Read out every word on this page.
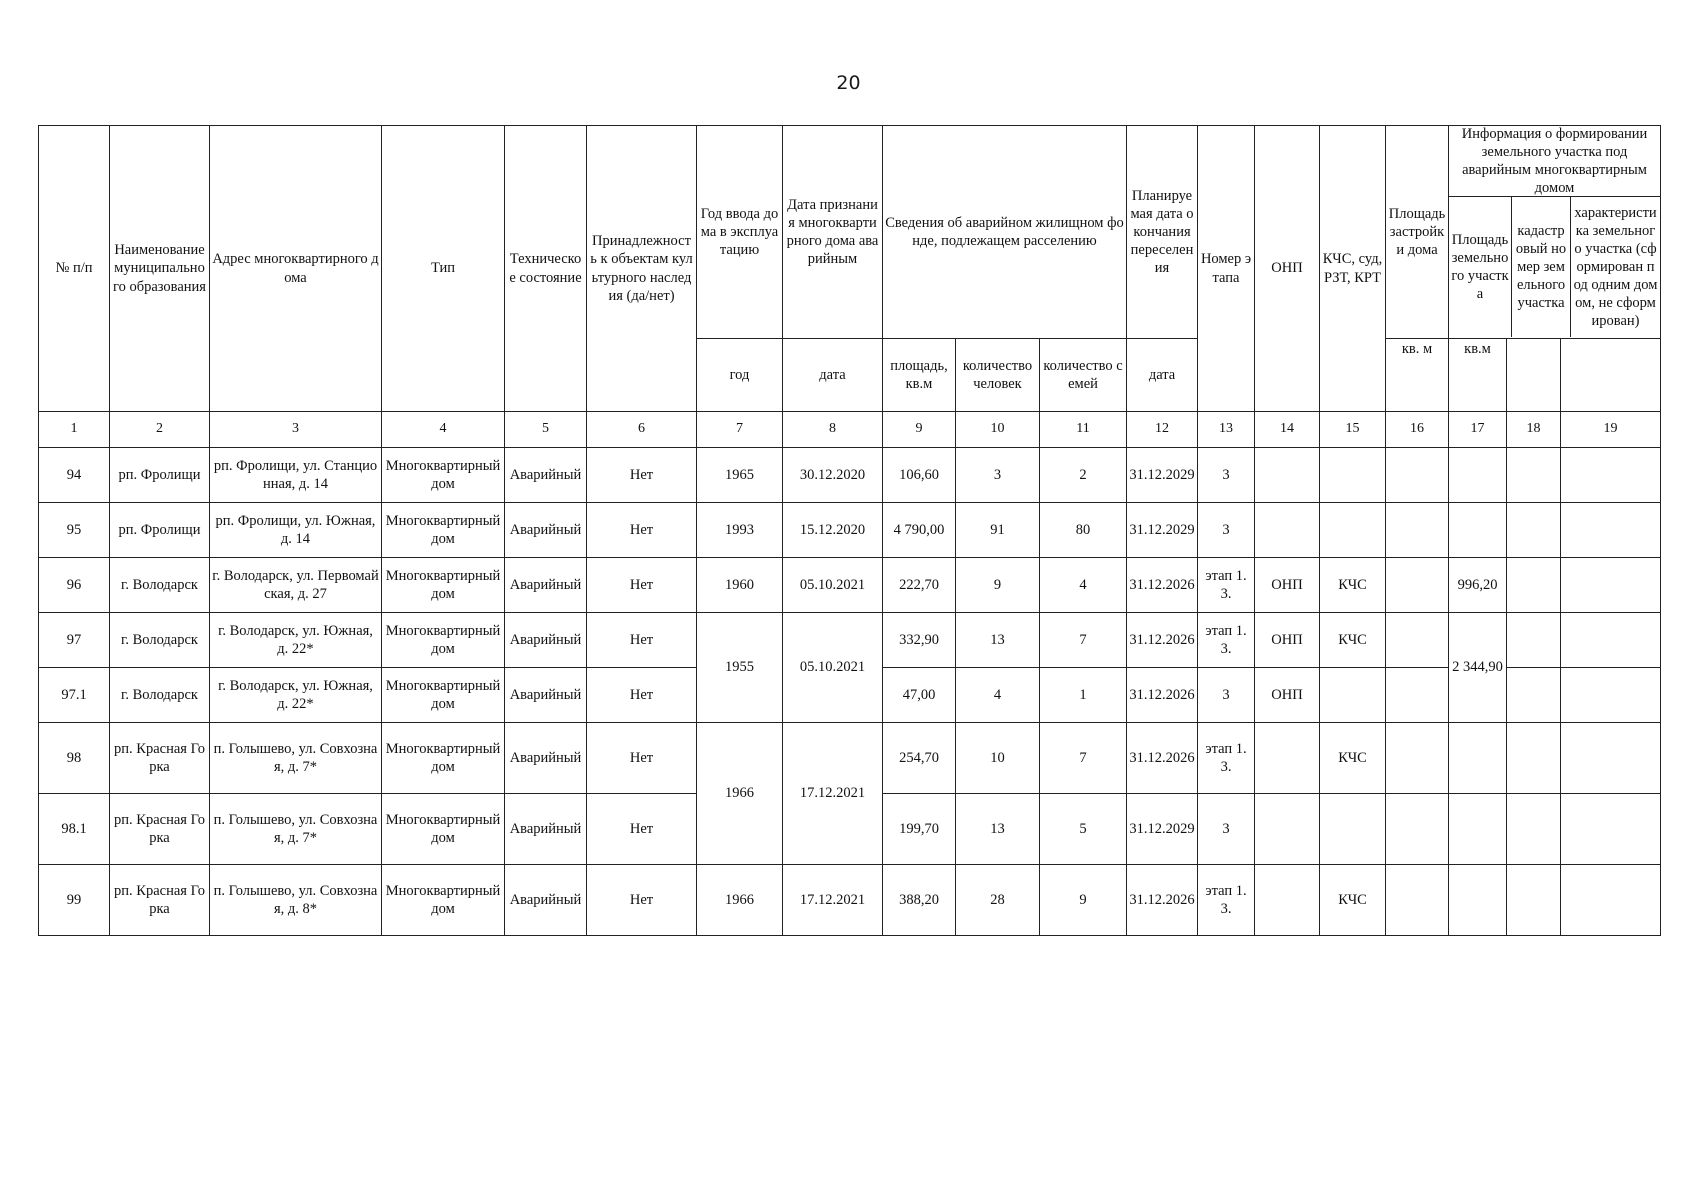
20
№ п/п	Наименование муниципального образования	Адрес многоквартирного дома	Тип	Техническое состояние	Принадлежность к объектам культурного наследия (да/нет)	Год ввода дома в эксплуатацию	Дата признания многоквартирного дома аварийным	Сведения об аварийном жилищном фонде, подлежащем расселению			Планируемая дата окончания переселения	Номер этапа	ОНП	КЧС, суд, РЗТ, КРТ	Площадь застройки дома	Информация о формировании земельного участка под аварийным многоквартирным домом
Площадь земельного участка
кадастровый номер земельного участка
характеристика земельного участка (сформирован под одним домом, не сформирован)		

						год	дата	площадь, кв.м	количество человек	количество семей	дата				кв. м	кв.м		
1	2	3	4	5	6	7	8	9	10	11	12	13	14	15	16	17	18	19
94	рп. Фролищи	рп. Фролищи, ул. Станционная, д. 14	Многоквартирный дом	Аварийный	Нет	1965	30.12.2020	106,60	3	2	31.12.2029	3						
95	рп. Фролищи	рп. Фролищи, ул. Южная, д. 14	Многоквартирный дом	Аварийный	Нет	1993	15.12.2020	4 790,00	91	80	31.12.2029	3						
96	г. Володарск	г. Володарск, ул. Первомайская, д. 27	Многоквартирный дом	Аварийный	Нет	1960	05.10.2021	222,70	9	4	31.12.2026	этап 1.3.	ОНП	КЧС		996,20		
97	г. Володарск	г. Володарск, ул. Южная, д. 22*	Многоквартирный дом	Аварийный	Нет	1955	05.10.2021	332,90	13	7	31.12.2026	этап 1.3.	ОНП	КЧС		2 344,90		
97.1	г. Володарск	г. Володарск, ул. Южная, д. 22*	Многоквартирный дом	Аварийный	Нет			47,00	4	1	31.12.2026	3	ОНП					
98	рп. Красная Горка	п. Голышево, ул. Совхозная, д. 7*	Многоквартирный дом	Аварийный	Нет	1966	17.12.2021	254,70	10	7	31.12.2026	этап 1.3.		КЧС				
98.1	рп. Красная Горка	п. Голышево, ул. Совхозная, д. 7*	Многоквартирный дом	Аварийный	Нет			199,70	13	5	31.12.2029	3						
99	рп. Красная Горка	п. Голышево, ул. Совхозная, д. 8*	Многоквартирный дом	Аварийный	Нет	1966	17.12.2021	388,20	28	9	31.12.2026	этап 1.3.		КЧС				
